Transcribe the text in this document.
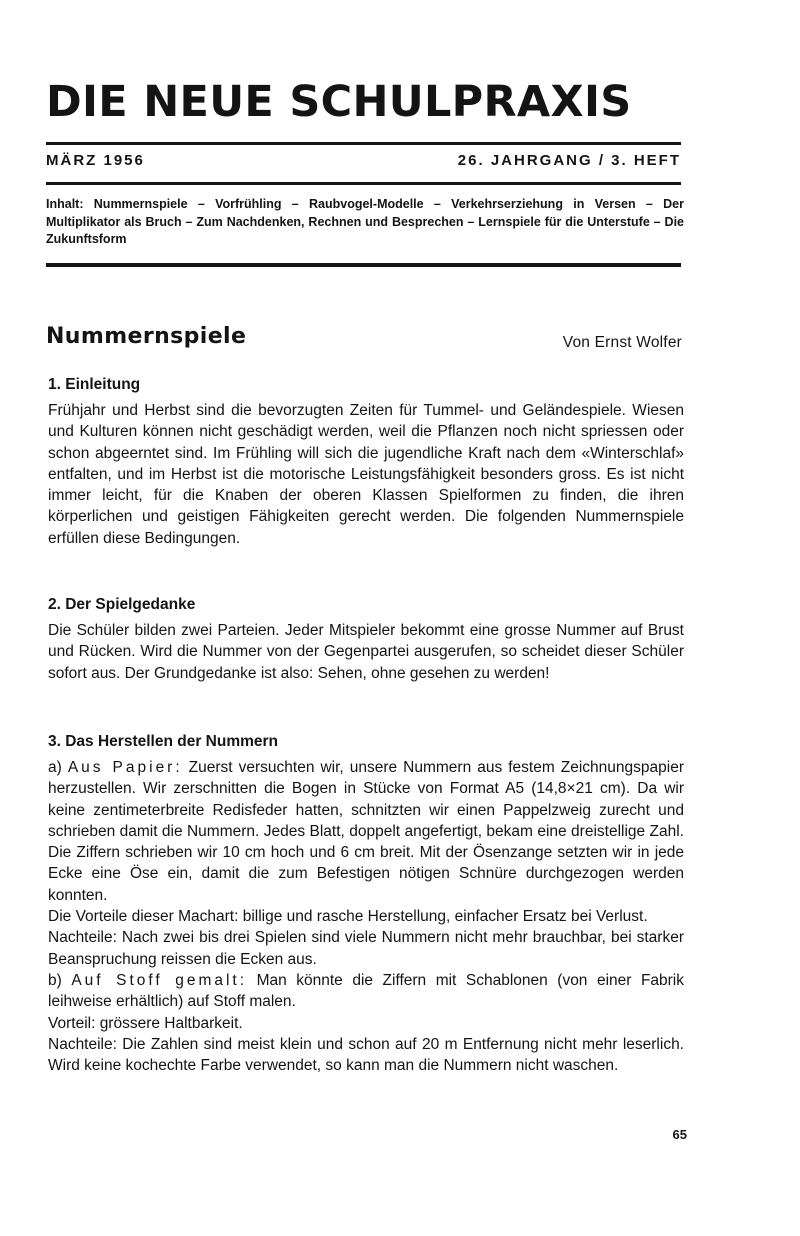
DIE NEUE SCHULPRAXIS
MÄRZ 1956	26. JAHRGANG / 3. HEFT
Inhalt: Nummernspiele – Vorfrühling – Raubvogel-Modelle – Verkehrserziehung in Versen – Der Multiplikator als Bruch – Zum Nachdenken, Rechnen und Besprechen – Lernspiele für die Unterstufe – Die Zukunftsform
Nummernspiele	Von Ernst Wolfer
1. Einleitung

Frühjahr und Herbst sind die bevorzugten Zeiten für Tummel- und Geländespiele. Wiesen und Kulturen können nicht geschädigt werden, weil die Pflanzen noch nicht spriessen oder schon abgeerntet sind. Im Frühling will sich die jugendliche Kraft nach dem «Winterschlaf» entfalten, und im Herbst ist die motorische Leistungsfähigkeit besonders gross. Es ist nicht immer leicht, für die Knaben der oberen Klassen Spielformen zu finden, die ihren körperlichen und geistigen Fähigkeiten gerecht werden. Die folgenden Nummernspiele erfüllen diese Bedingungen.

2. Der Spielgedanke

Die Schüler bilden zwei Parteien. Jeder Mitspieler bekommt eine grosse Nummer auf Brust und Rücken. Wird die Nummer von der Gegenpartei ausgerufen, so scheidet dieser Schüler sofort aus. Der Grundgedanke ist also: Sehen, ohne gesehen zu werden!

3. Das Herstellen der Nummern

a) Aus Papier: Zuerst versuchten wir, unsere Nummern aus festem Zeichnungspapier herzustellen. Wir zerschnitten die Bogen in Stücke von Format A5 (14,8×21 cm). Da wir keine zentimeterbreite Redisfeder hatten, schnitzten wir einen Pappelzweig zurecht und schrieben damit die Nummern. Jedes Blatt, doppelt angefertigt, bekam eine dreistellige Zahl. Die Ziffern schrieben wir 10 cm hoch und 6 cm breit. Mit der Ösenzange setzten wir in jede Ecke eine Öse ein, damit die zum Befestigen nötigen Schnüre durchgezogen werden konnten.

Die Vorteile dieser Machart: billige und rasche Herstellung, einfacher Ersatz bei Verlust.

Nachteile: Nach zwei bis drei Spielen sind viele Nummern nicht mehr brauchbar, bei starker Beanspruchung reissen die Ecken aus.

b) Auf Stoff gemalt: Man könnte die Ziffern mit Schablonen (von einer Fabrik leihweise erhältlich) auf Stoff malen.

Vorteil: grössere Haltbarkeit.

Nachteile: Die Zahlen sind meist klein und schon auf 20 m Entfernung nicht mehr leserlich. Wird keine kochechte Farbe verwendet, so kann man die Nummern nicht waschen.

65
